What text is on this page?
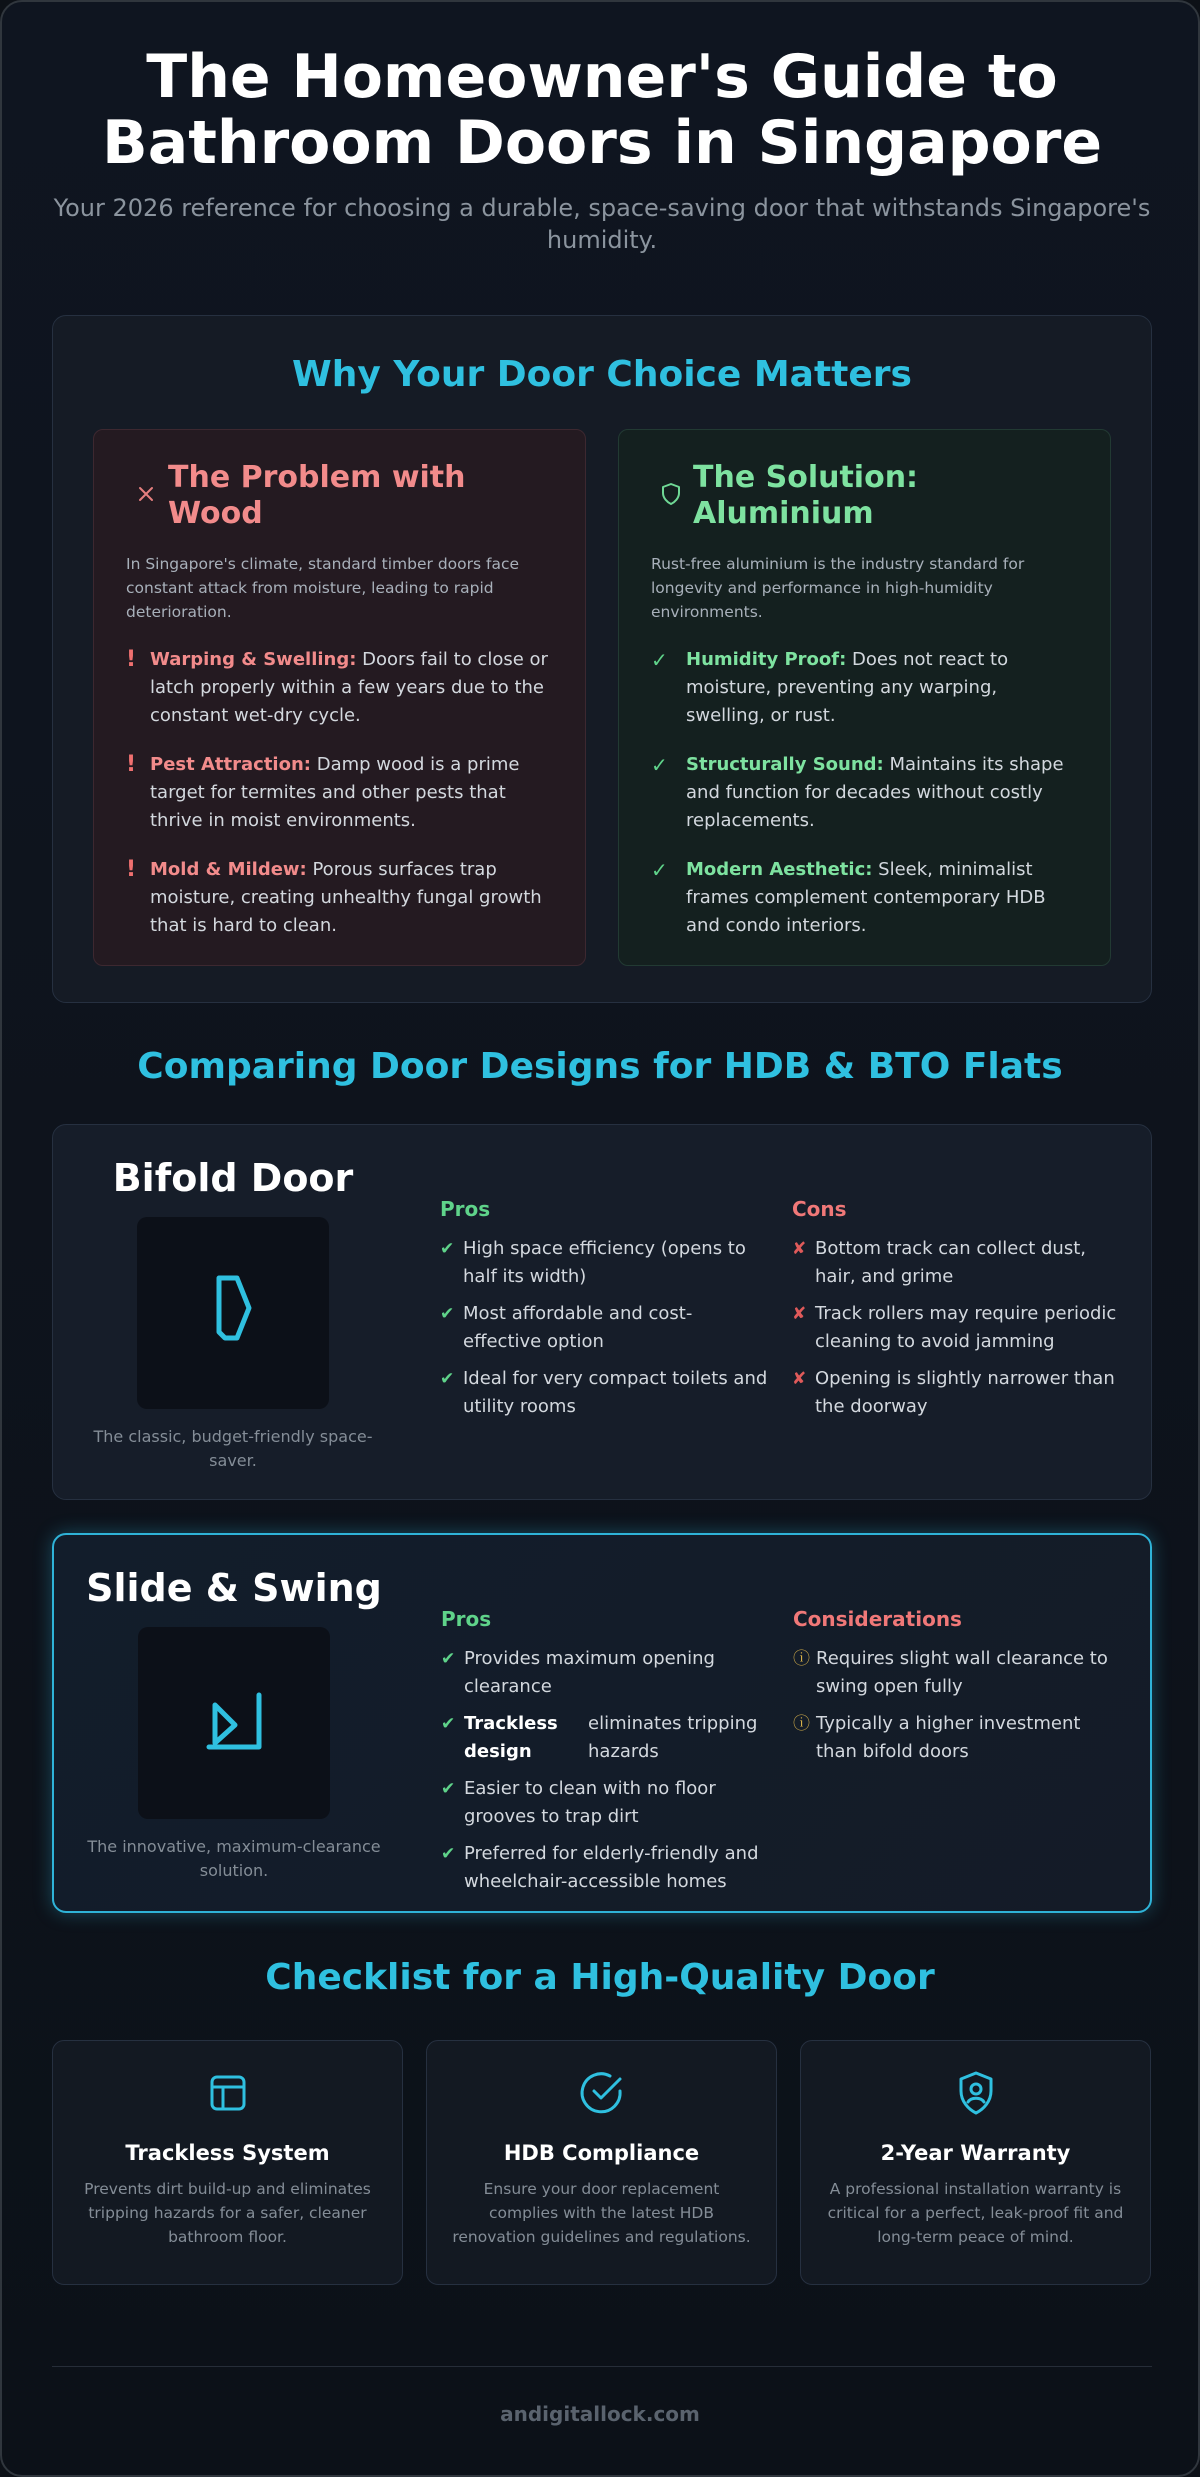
The Homeowner's Guide to
Bathroom Doors in Singapore

Your 2026 reference for choosing a durable, space-saving door that withstands Singapore's humidity.

Why Your Door Choice Matters
The Problem with Wood

In Singapore's climate, standard timber doors face constant attack from moisture, leading to rapid deterioration.

! Warping & Swelling: Doors fail to close or latch properly within a few years due to the constant wet-dry cycle.
! Pest Attraction: Damp wood is a prime target for termites and other pests that thrive in moist environments.
! Mold & Mildew: Porous surfaces trap moisture, creating unhealthy fungal growth that is hard to clean.
The Solution: Aluminium

Rust-free aluminium is the industry standard for longevity and performance in high-humidity environments.

✓	Humidity Proof: Does not react to moisture, preventing any warping, swelling, or rust.
✓	Structurally Sound: Maintains its shape and function for decades without costly replacements.
✓	Modern Aesthetic: Sleek, minimalist frames complement contemporary HDB and condo interiors.
Comparing Door Designs for HDB & BTO Flats
Bifold Door

The classic, budget-friendly space-saver.

Pros
✔ High space efficiency (opens to half its width)
✔ Most affordable and cost-effective option
✔ Ideal for very compact toilets and utility rooms
Cons
✘ Bottom track can collect dust, hair, and grime
✘ Track rollers may require periodic cleaning to avoid jamming
✘ Opening is slightly narrower than the doorway
Slide & Swing

The innovative, maximum-clearance solution.

Pros
✔ Provides maximum opening clearance
✔ Trackless design
eliminates tripping hazards
✔ Easier to clean with no floor grooves to trap dirt
✔ Preferred for elderly-friendly and wheelchair-accessible homes
Considerations
ⓘ Requires slight wall clearance to swing open fully
ⓘ Typically a higher investment than bifold doors
Checklist for a High-Quality Door
Trackless System

Prevents dirt build-up and eliminates tripping hazards for a safer, cleaner bathroom floor.

HDB Compliance

Ensure your door replacement complies with the latest HDB renovation guidelines and regulations.

2-Year Warranty

A professional installation warranty is critical for a perfect, leak-proof fit and long-term peace of mind.

andigitallock.com
